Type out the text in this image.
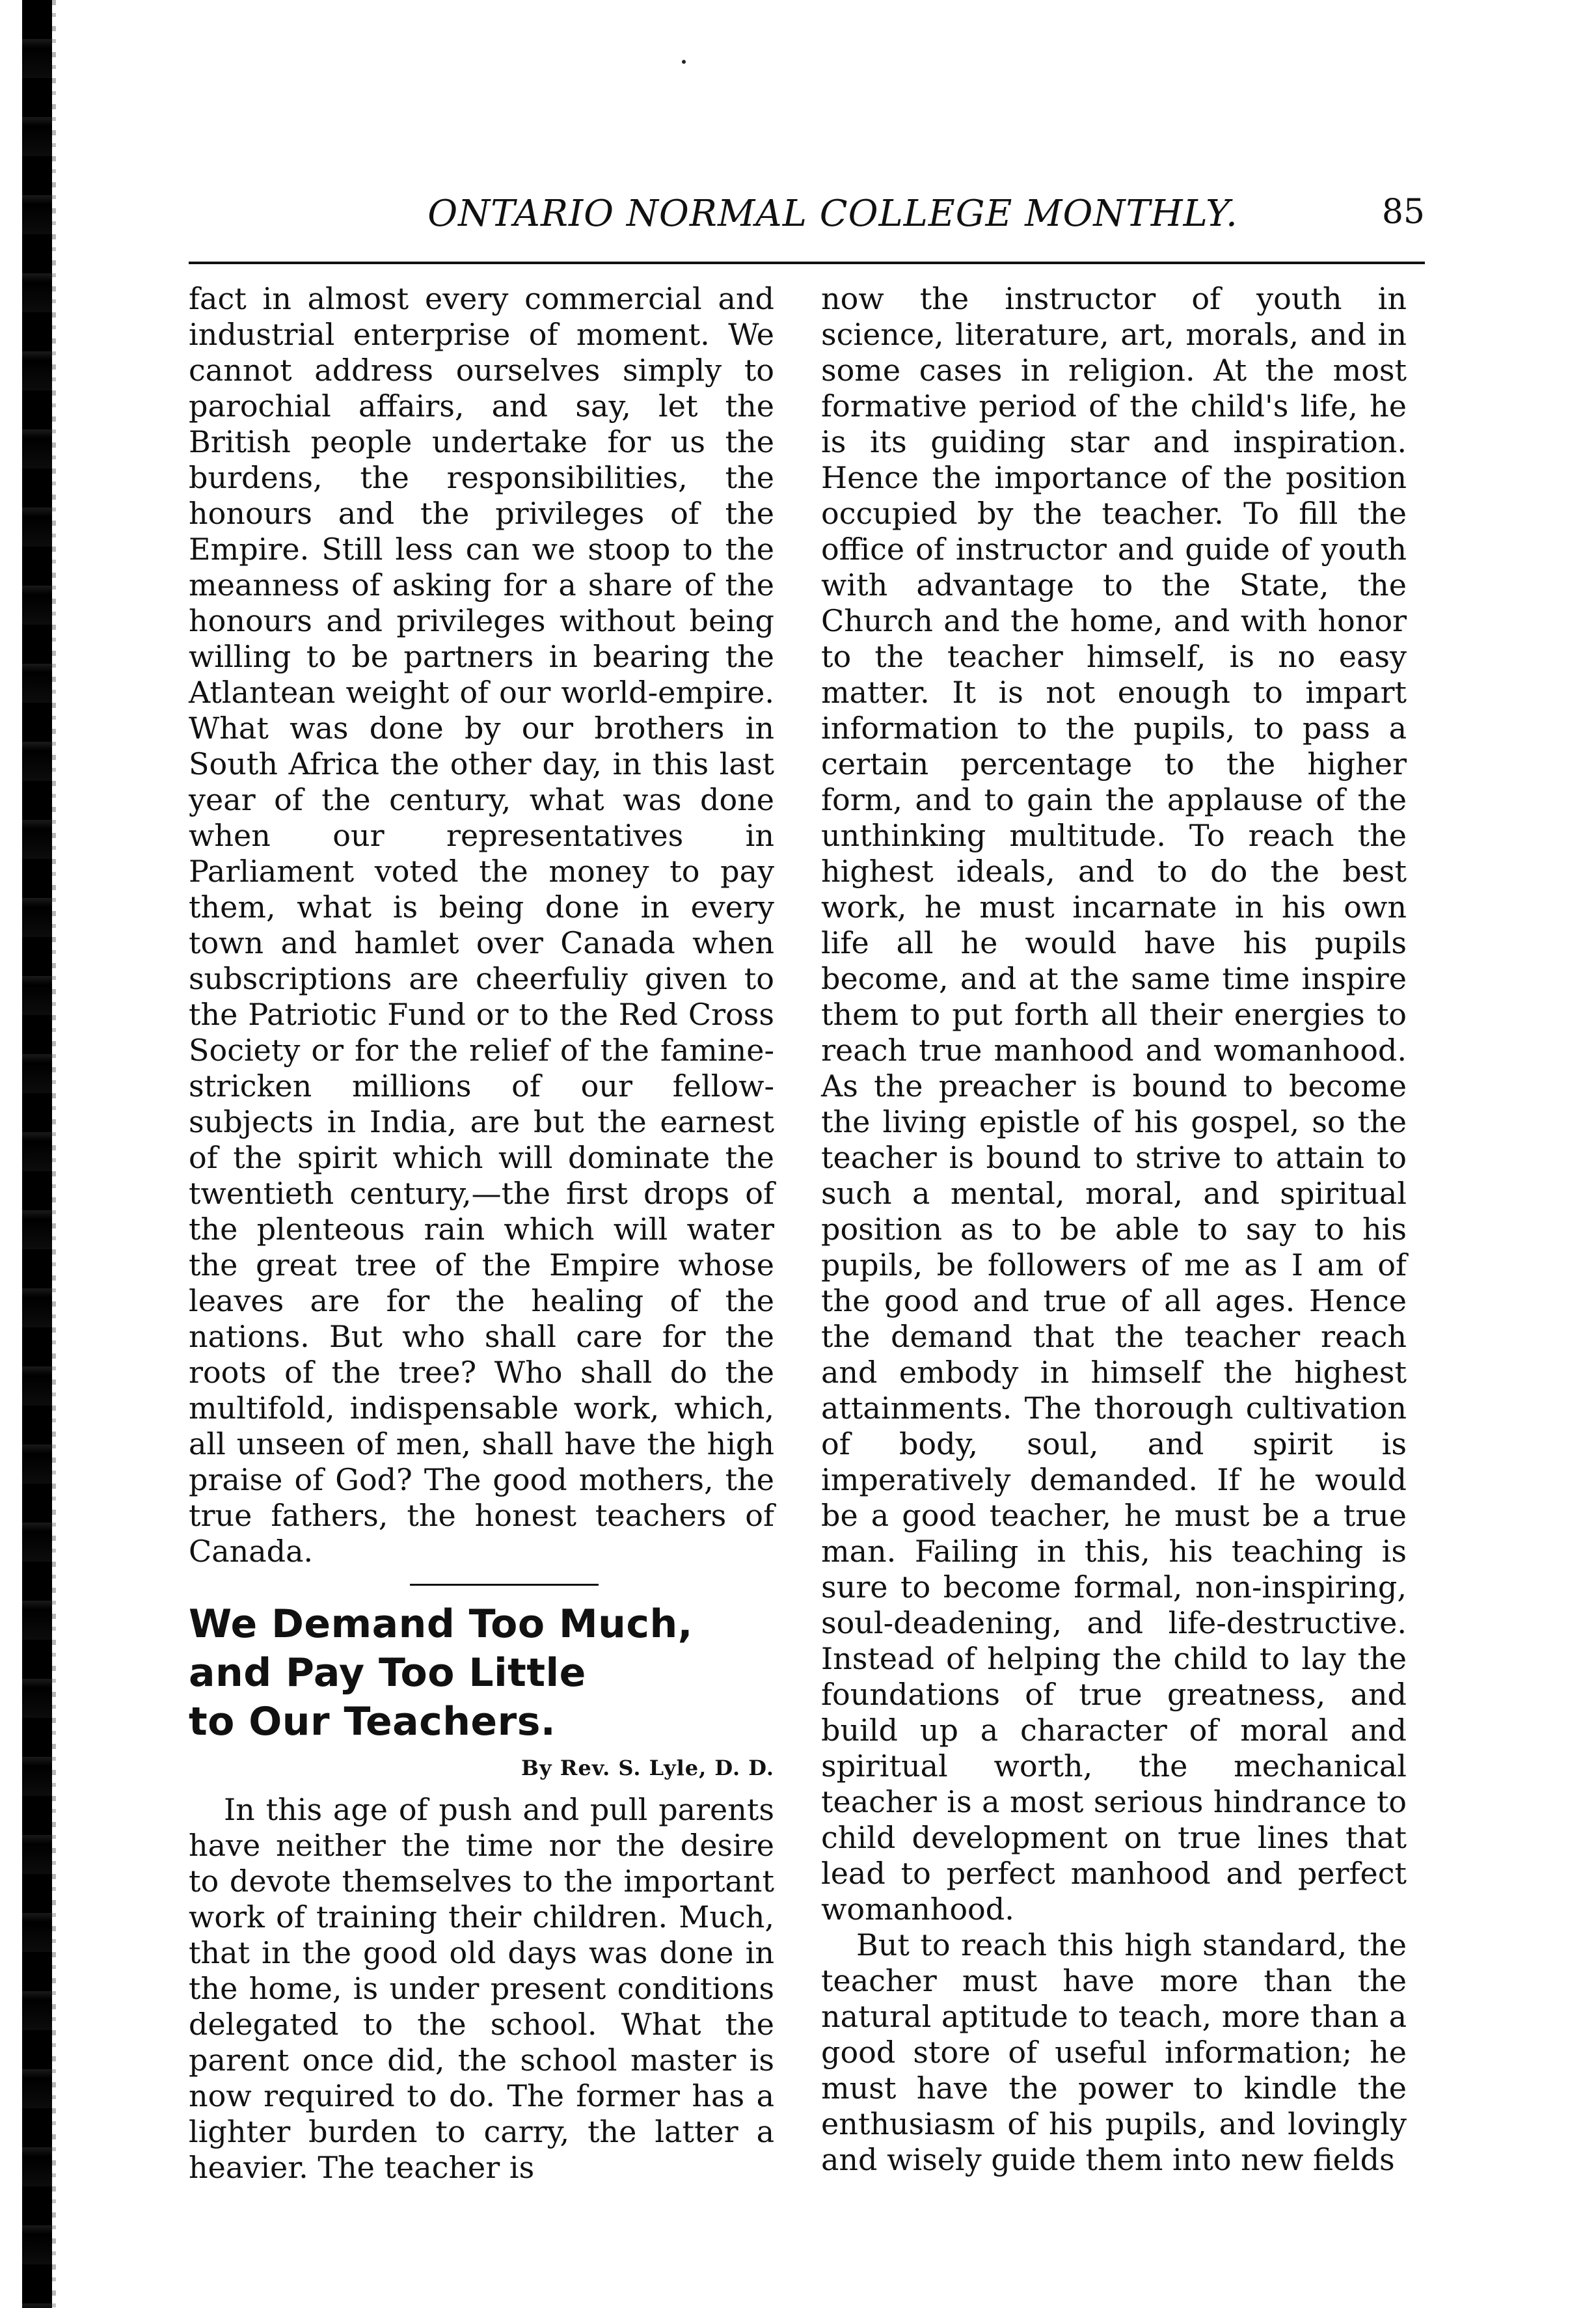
ONTARIO NORMAL COLLEGE MONTHLY.	85

fact in almost every commercial and industrial enterprise of moment. We cannot address ourselves simply to parochial affairs, and say, let the British people undertake for us the burdens, the responsibilities, the honours and the privileges of the Empire. Still less can we stoop to the meanness of asking for a share of the honours and privileges without being willing to be partners in bearing the Atlantean weight of our world-empire. What was done by our brothers in South Africa the other day, in this last year of the century, what was done when our representatives in Parliament voted the money to pay them, what is being done in every town and hamlet over Canada when subscriptions are cheerfuliy given to the Patriotic Fund or to the Red Cross Society or for the relief of the famine-stricken millions of our fellow-subjects in India, are but the earnest of the spirit which will dominate the twentieth century,—the first drops of the plenteous rain which will water the great tree of the Empire whose leaves are for the healing of the nations. But who shall care for the roots of the tree? Who shall do the multifold, indispensable work, which, all unseen of men, shall have the high praise of God? The good mothers, the true fathers, the honest teachers of Canada.

We Demand Too Much,
and Pay Too Little
to Our Teachers.
By Rev. S. Lyle, D. D.

In this age of push and pull parents have neither the time nor the desire to devote themselves to the important work of training their children. Much, that in the good old days was done in the home, is under present conditions delegated to the school. What the parent once did, the school master is now required to do. The former has a lighter burden to carry, the latter a heavier. The teacher is

now the instructor of youth in science, literature, art, morals, and in some cases in religion. At the most formative period of the child's life, he is its guiding star and inspiration. Hence the importance of the position occupied by the teacher. To fill the office of instructor and guide of youth with advantage to the State, the Church and the home, and with honor to the teacher himself, is no easy matter. It is not enough to impart information to the pupils, to pass a certain percentage to the higher form, and to gain the applause of the unthinking multitude. To reach the highest ideals, and to do the best work, he must incarnate in his own life all he would have his pupils become, and at the same time inspire them to put forth all their energies to reach true manhood and womanhood. As the preacher is bound to become the living epistle of his gospel, so the teacher is bound to strive to attain to such a mental, moral, and spiritual position as to be able to say to his pupils, be followers of me as I am of the good and true of all ages. Hence the demand that the teacher reach and embody in himself the highest attainments. The thorough cultivation of body, soul, and spirit is imperatively demanded. If he would be a good teacher, he must be a true man. Failing in this, his teaching is sure to become formal, non-inspiring, soul-deadening, and life-destructive. Instead of helping the child to lay the foundations of true greatness, and build up a character of moral and spiritual worth, the mechanical teacher is a most serious hindrance to child development on true lines that lead to perfect manhood and perfect womanhood.

But to reach this high standard, the teacher must have more than the natural aptitude to teach, more than a good store of useful information; he must have the power to kindle the enthusiasm of his pupils, and lovingly and wisely guide them into new fields
